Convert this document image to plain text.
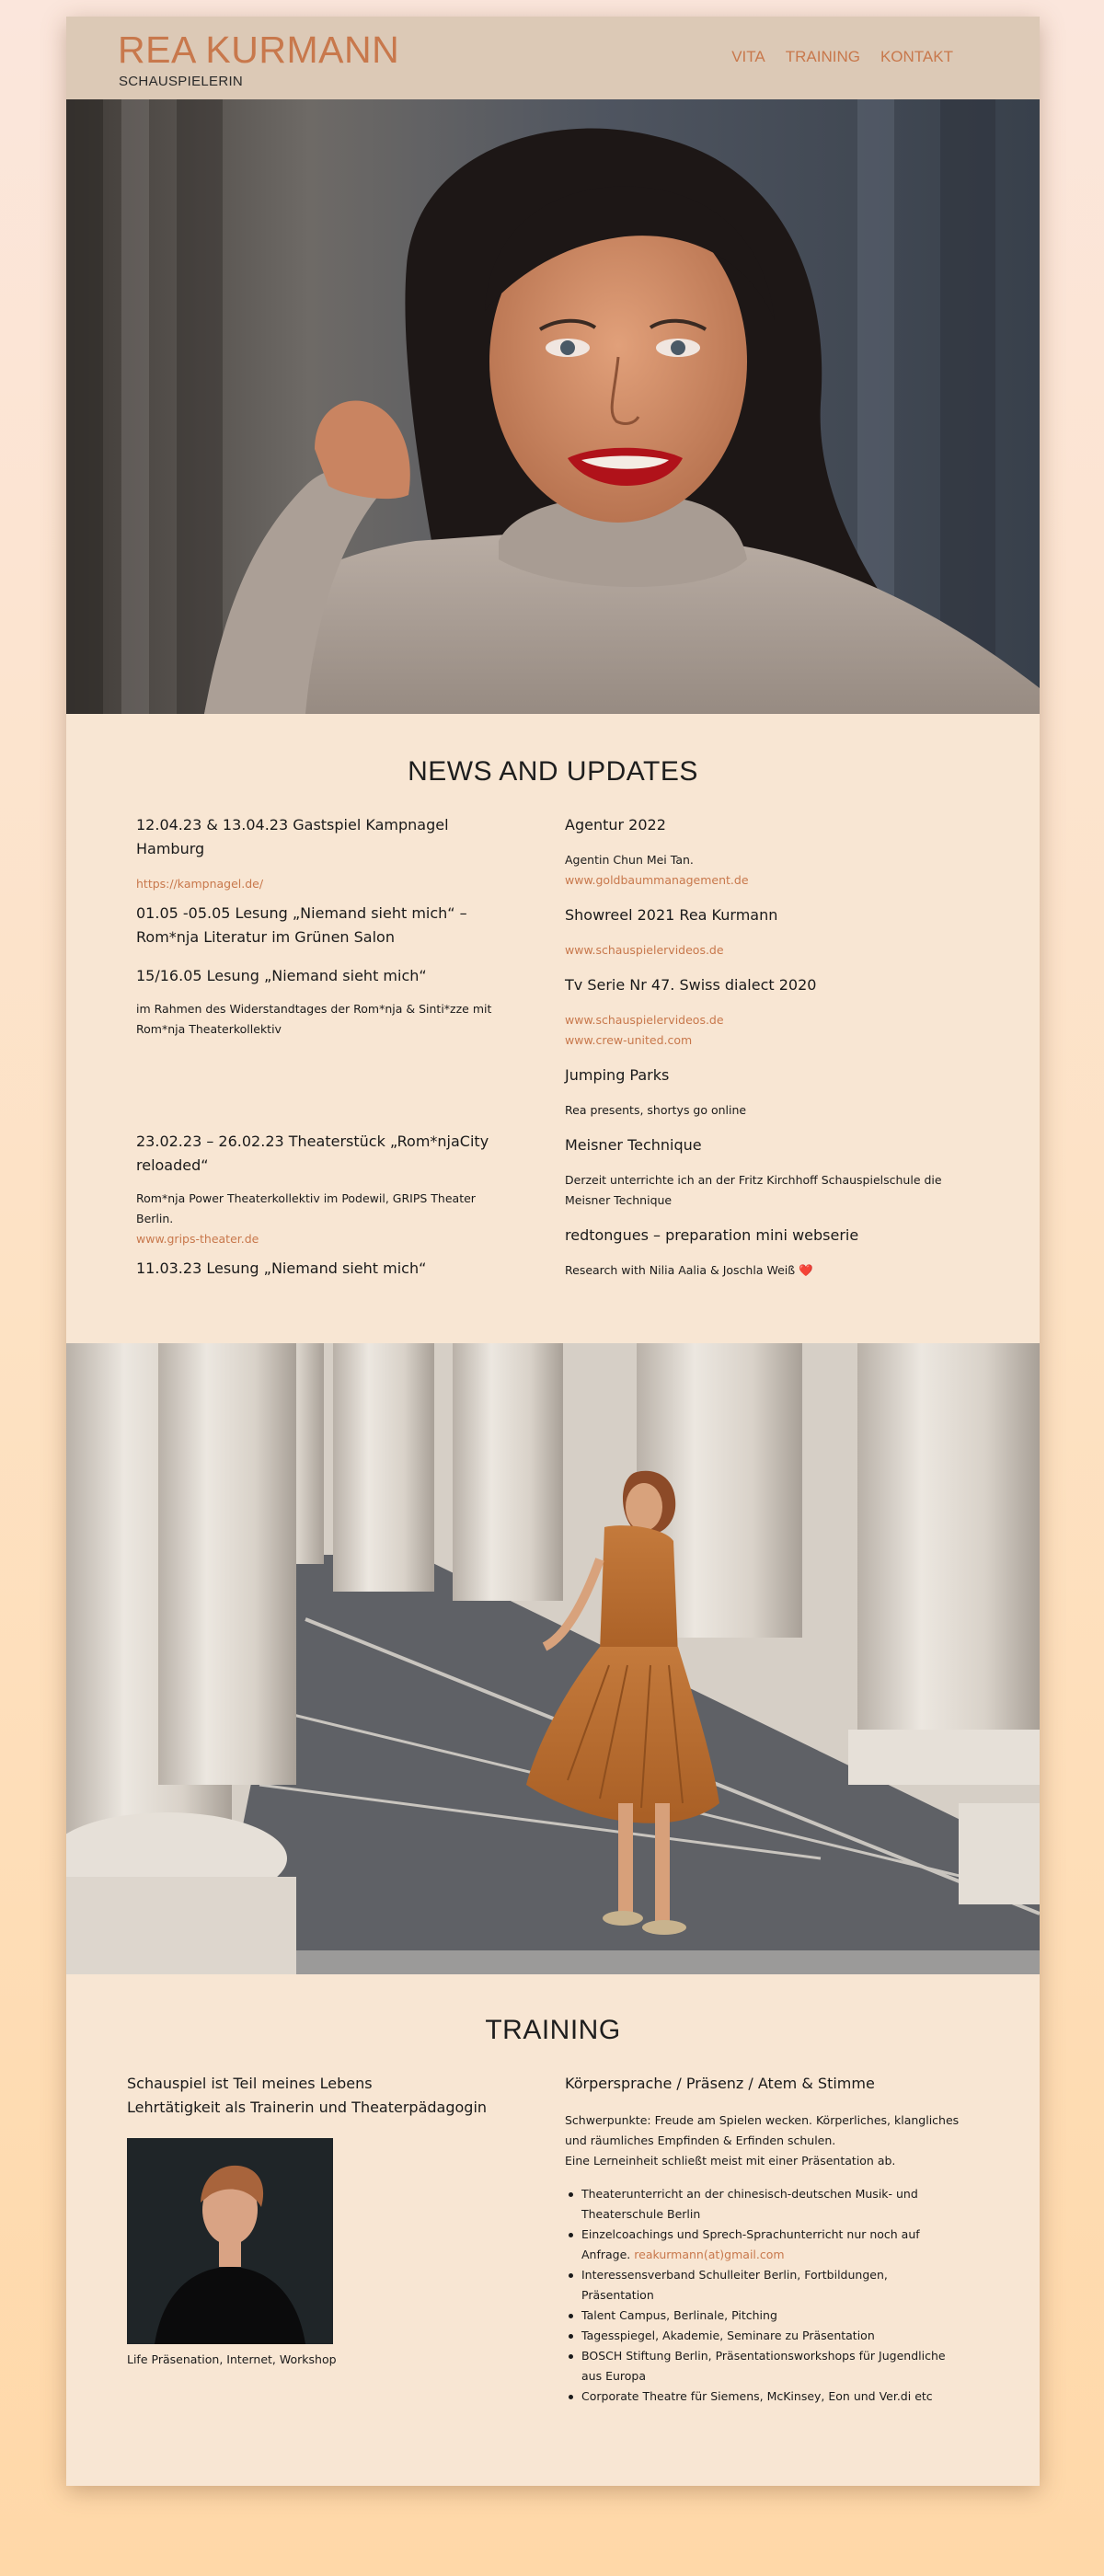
REA KURMANN
SCHAUSPIELERIN
VITA TRAINING KONTAKT
NEWS AND UPDATES
12.04.23 & 13.04.23 Gastspiel Kampnagel Hamburg
https://kampnagel.de/
01.05 -05.05 Lesung „Niemand sieht mich“ – Rom*nja Literatur im Grünen Salon
15/16.05 Lesung „Niemand sieht mich“
im Rahmen des Widerstandtages der Rom*nja & Sinti*zze mit Rom*nja Theaterkollektiv
23.02.23 – 26.02.23 Theaterstück „Rom*njaCity reloaded“
Rom*nja Power Theaterkollektiv im Podewil, GRIPS Theater Berlin.
www.grips-theater.de
11.03.23 Lesung „Niemand sieht mich“
Agentur 2022
Agentin Chun Mei Tan.
www.goldbaummanagement.de
Showreel 2021 Rea Kurmann
www.schauspielervideos.de
Tv Serie Nr 47. Swiss dialect 2020
www.schauspielervideos.de
www.crew-united.com
Jumping Parks
Rea presents, shortys go online
Meisner Technique
Derzeit unterrichte ich an der Fritz Kirchhoff Schauspielschule die Meisner Technique
redtongues – preparation mini webserie
Research with Nilia Aalia & Joschla Weiß ❤️
TRAINING
Schauspiel ist Teil meines Lebens
Lehrtätigkeit als Trainerin und Theaterpädagogin
Life Präsenation, Internet, Workshop
Körpersprache / Präsenz / Atem & Stimme
Schwerpunkte: Freude am Spielen wecken. Körperliches, klangliches und räumliches Empfinden & Erfinden schulen.
Eine Lerneinheit schließt meist mit einer Präsentation ab.
Theaterunterricht an der chinesisch-deutschen Musik- und Theaterschule Berlin
Einzelcoachings und Sprech-Sprachunterricht nur noch auf Anfrage. reakurmann(at)gmail.com
Interessensverband Schulleiter Berlin, Fortbildungen, Präsentation
Talent Campus, Berlinale, Pitching
Tagesspiegel, Akademie, Seminare zu Präsentation
BOSCH Stiftung Berlin, Präsentationsworkshops für Jugendliche aus Europa
Corporate Theatre für Siemens, McKinsey, Eon und Ver.di etc
